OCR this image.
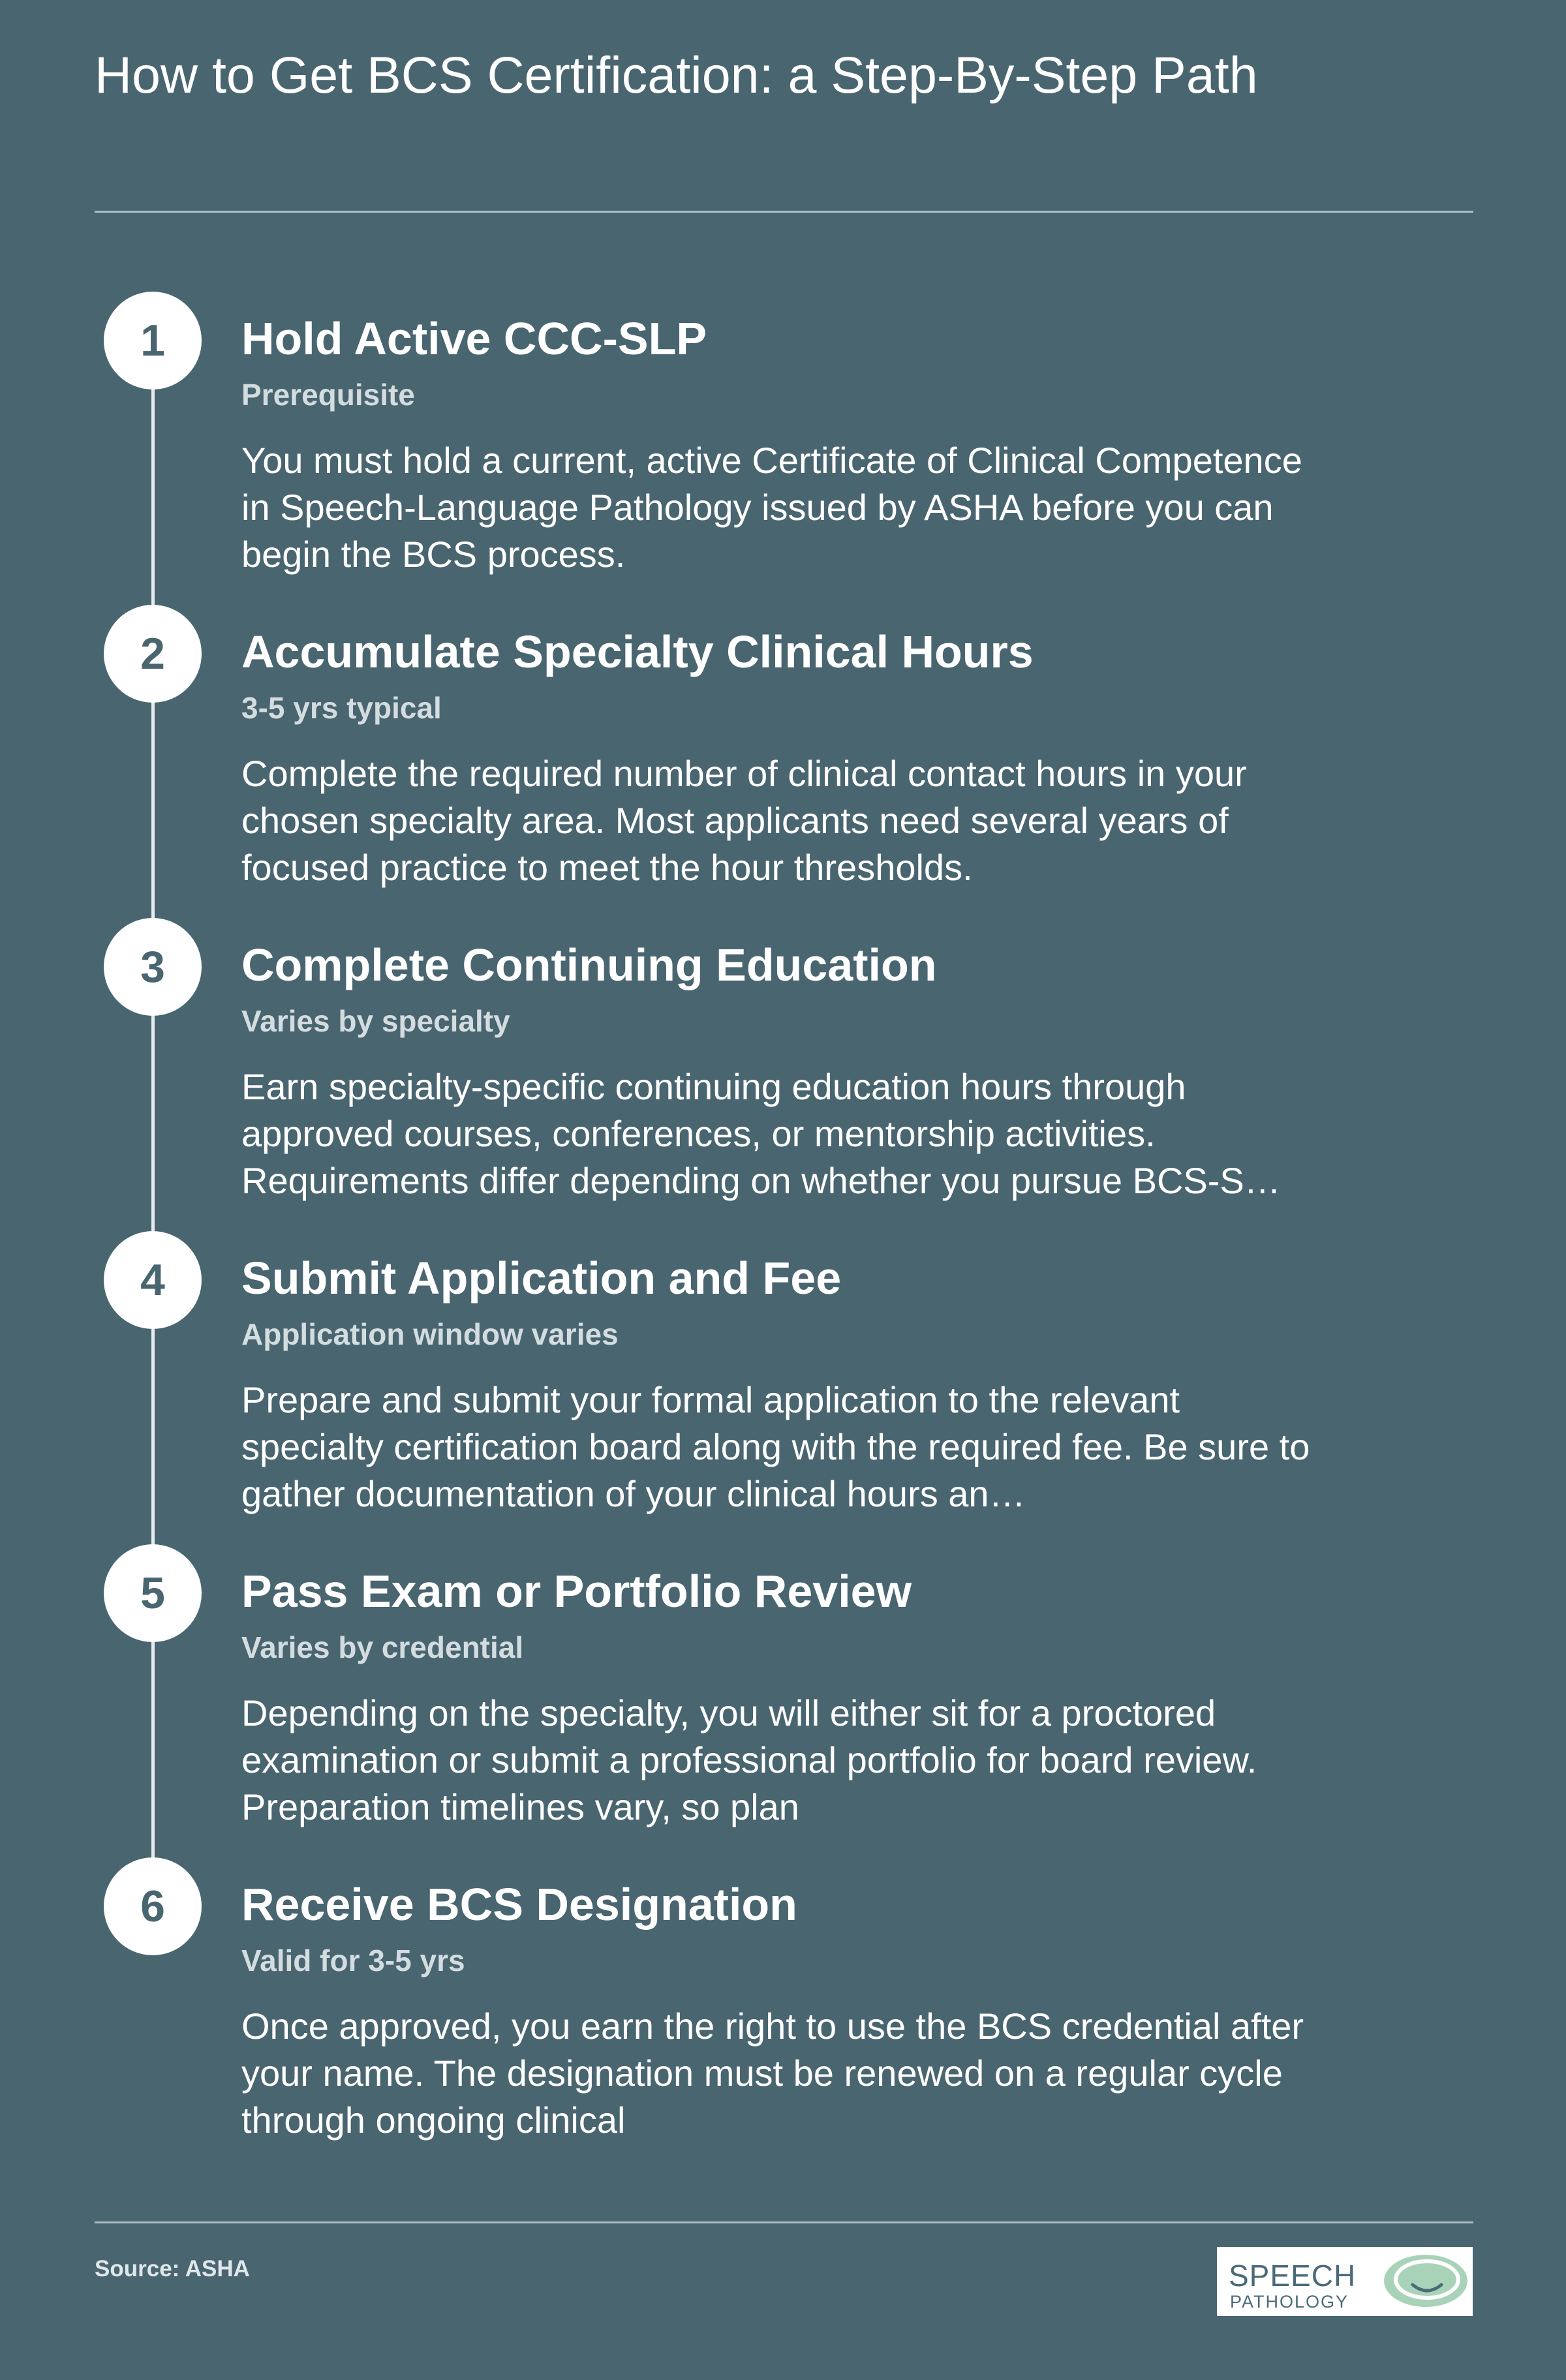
How to Get BCS Certification: a Step-By-Step Path
1	Hold Active CCC-SLP
Prerequisite
You must hold a current, active Certificate of Clinical Competence in Speech-Language Pathology issued by ASHA before you can begin the BCS process.
2	Accumulate Specialty Clinical Hours
3-5 yrs typical
Complete the required number of clinical contact hours in your chosen specialty area. Most applicants need several years of focused practice to meet the hour thresholds.
3	Complete Continuing Education
Varies by specialty
Earn specialty-specific continuing education hours through approved courses, conferences, or mentorship activities. Requirements differ depending on whether you pursue BCS-S…
4	Submit Application and Fee
Application window varies
Prepare and submit your formal application to the relevant specialty certification board along with the required fee. Be sure to gather documentation of your clinical hours an…
5	Pass Exam or Portfolio Review
Varies by credential
Depending on the specialty, you will either sit for a proctored examination or submit a professional portfolio for board review. Preparation timelines vary, so plan
6	Receive BCS Designation
Valid for 3-5 yrs
Once approved, you earn the right to use the BCS credential after your name. The designation must be renewed on a regular cycle through ongoing clinical
Source: ASHA	SPEECH
PATHOLOGY
